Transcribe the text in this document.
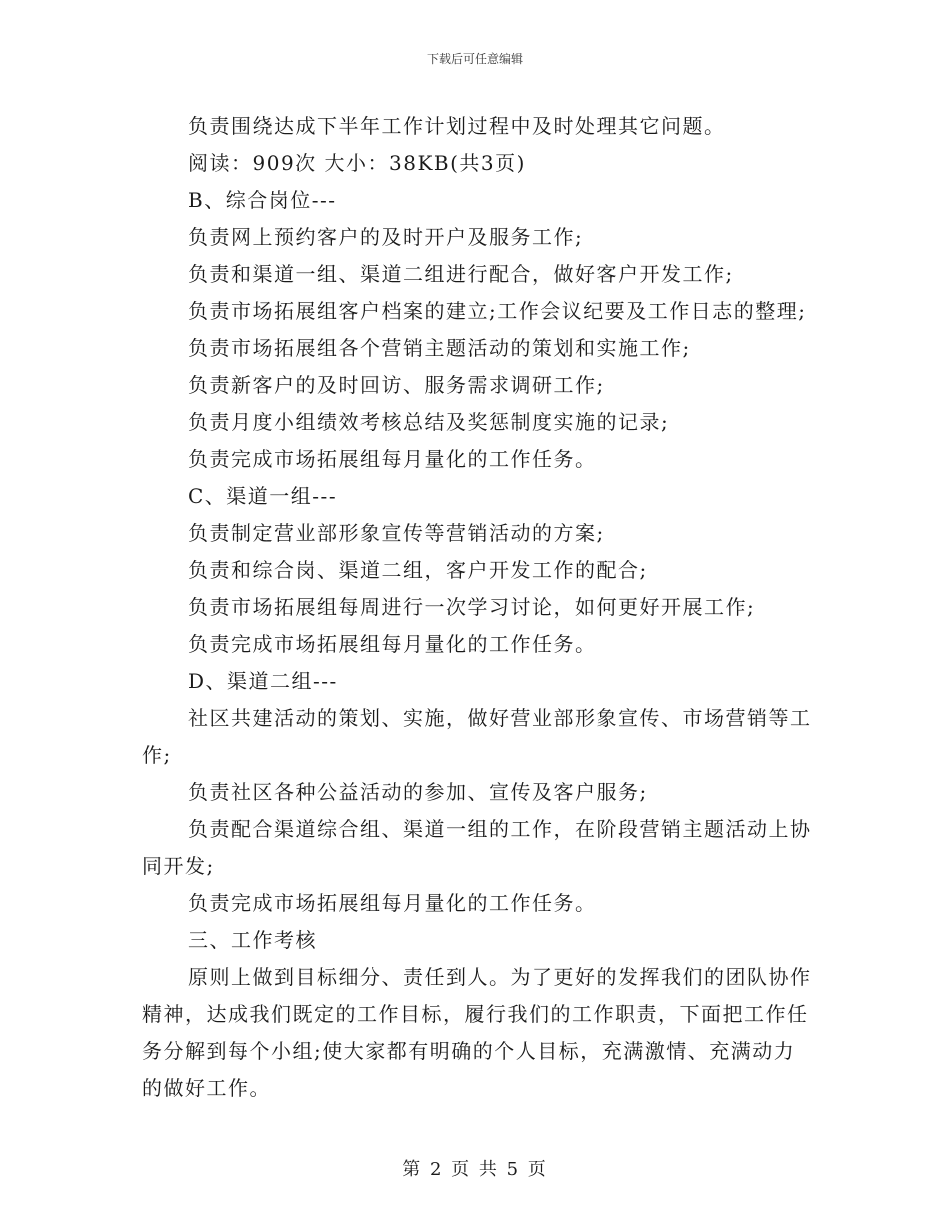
下载后可任意编辑

负责围绕达成下半年工作计划过程中及时处理其它问题。

阅读：909次 大小：38KB(共3页)

B、综合岗位---

负责网上预约客户的及时开户及服务工作;

负责和渠道一组、渠道二组进行配合，做好客户开发工作;

负责市场拓展组客户档案的建立;工作会议纪要及工作日志的整理;

负责市场拓展组各个营销主题活动的策划和实施工作;

负责新客户的及时回访、服务需求调研工作;

负责月度小组绩效考核总结及奖惩制度实施的记录;

负责完成市场拓展组每月量化的工作任务。

C、渠道一组---

负责制定营业部形象宣传等营销活动的方案;

负责和综合岗、渠道二组，客户开发工作的配合;

负责市场拓展组每周进行一次学习讨论，如何更好开展工作;

负责完成市场拓展组每月量化的工作任务。

D、渠道二组---

社区共建活动的策划、实施，做好营业部形象宣传、市场营销等工作;

负责社区各种公益活动的参加、宣传及客户服务;

负责配合渠道综合组、渠道一组的工作，在阶段营销主题活动上协同开发;

负责完成市场拓展组每月量化的工作任务。

三、工作考核

原则上做到目标细分、责任到人。为了更好的发挥我们的团队协作精神，达成我们既定的工作目标，履行我们的工作职责，下面把工作任务分解到每个小组;使大家都有明确的个人目标，充满激情、充满动力的做好工作。

第 2 页 共 5 页
